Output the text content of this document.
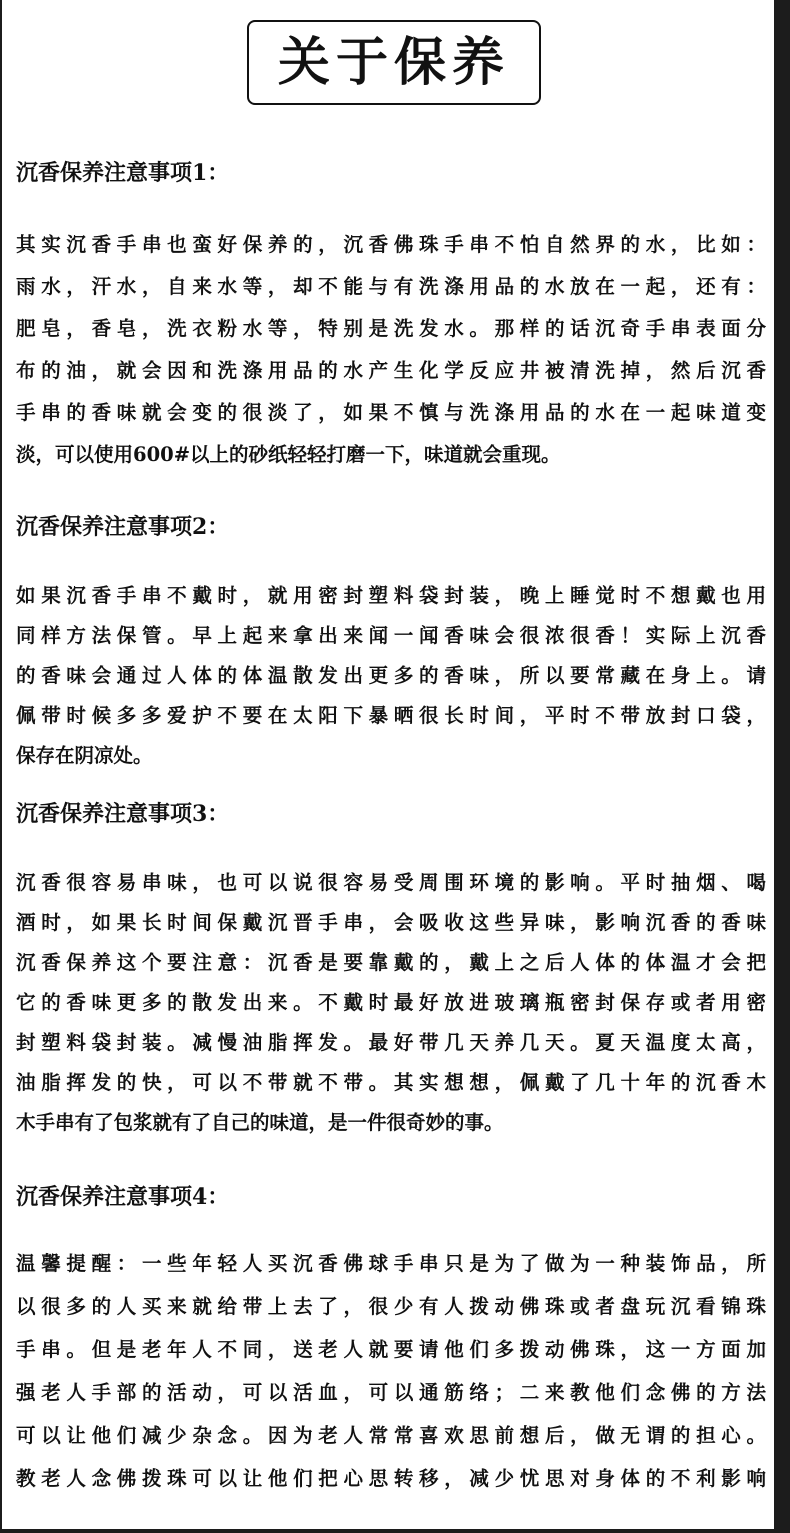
关于保养
沉香保养注意事项1：

其实沉香手串也蛮好保养的，沉香佛珠手串不怕自然界的水，比如：
雨水，汗水，自来水等，却不能与有洗涤用品的水放在一起，还有：
肥皂，香皂，洗衣粉水等，特别是洗发水。那样的话沉奇手串表面分
布的油，就会因和洗涤用品的水产生化学反应井被清洗掉，然后沉香
手串的香味就会变的很淡了，如果不慎与洗涤用品的水在一起味道变
淡，可以使用600#以上的砂纸轻轻打磨一下，味道就会重现。

沉香保养注意事项2：

如果沉香手串不戴时，就用密封塑料袋封装，晚上睡觉时不想戴也用
同样方法保管。早上起来拿出来闻一闻香味会很浓很香！实际上沉香
的香味会通过人体的体温散发出更多的香味，所以要常藏在身上。请
佩带时候多多爱护不要在太阳下暴晒很长时间，平时不带放封口袋，
保存在阴凉处。

沉香保养注意事项3：

沉香很容易串味，也可以说很容易受周围环境的影响。平时抽烟、喝
酒时，如果长时间保戴沉晋手串，会吸收这些异味，影响沉香的香味
沉香保养这个要注意：沉香是要靠戴的，戴上之后人体的体温才会把
它的香味更多的散发出来。不戴时最好放进玻璃瓶密封保存或者用密
封塑料袋封装。减慢油脂挥发。最好带几天养几天。夏天温度太高，
油脂挥发的快，可以不带就不带。其实想想，佩戴了几十年的沉香木
木手串有了包浆就有了自己的味道，是一件很奇妙的事。

沉香保养注意事项4：

温馨提醒：一些年轻人买沉香佛球手串只是为了做为一种装饰品，所
以很多的人买来就给带上去了，很少有人拨动佛珠或者盘玩沉看锦珠
手串。但是老年人不同，送老人就要请他们多拨动佛珠，这一方面加
强老人手部的活动，可以活血，可以通筋络；二来教他们念佛的方法
可以让他们减少杂念。因为老人常常喜欢思前想后，做无谓的担心。
教老人念佛拨珠可以让他们把心思转移，减少忧思对身体的不利影响
